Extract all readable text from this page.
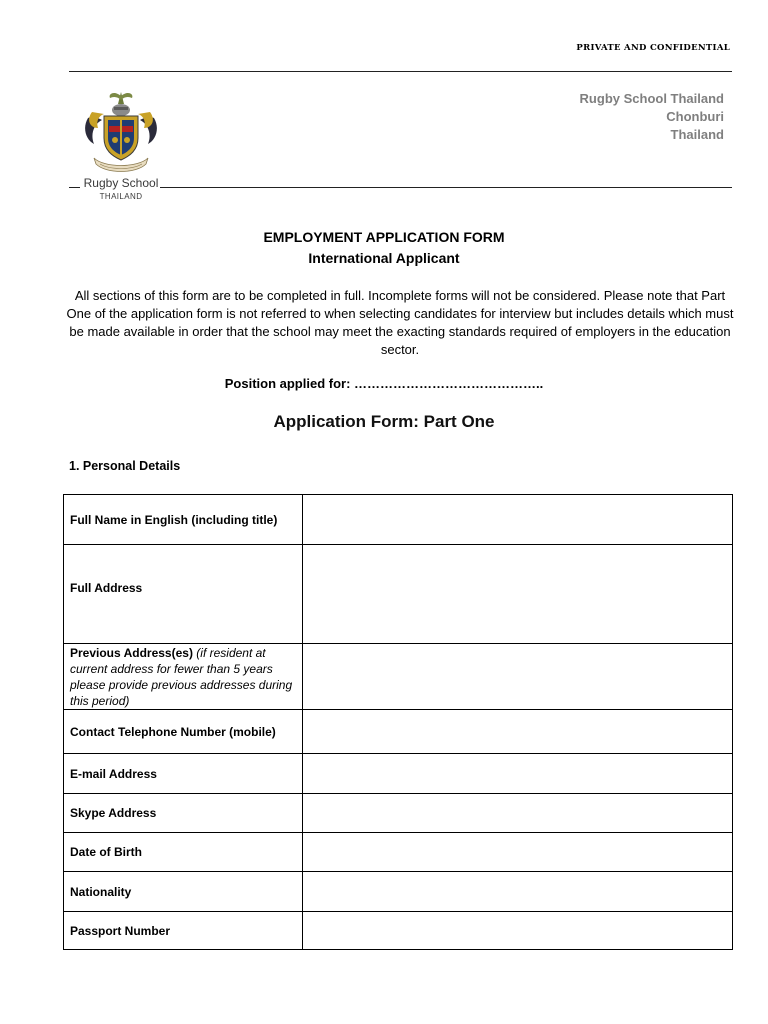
PRIVATE AND CONFIDENTIAL
Rugby School Thailand
Chonburi
Thailand
Rugby School
THAILAND
EMPLOYMENT APPLICATION FORM
International Applicant
All sections of this form are to be completed in full. Incomplete forms will not be considered. Please note that Part One of the application form is not referred to when selecting candidates for interview but includes details which must be made available in order that the school may meet the exacting standards required of employers in the education sector.
Position applied for: ……………………………………..
Application Form: Part One
1. Personal Details
Full Name in English (including title)	
Full Address	
Previous Address(es) (if resident at current address for fewer than 5 years please provide previous addresses during this period)	
Contact Telephone Number (mobile)	
E-mail Address	
Skype Address	
Date of Birth	
Nationality	
Passport Number	
